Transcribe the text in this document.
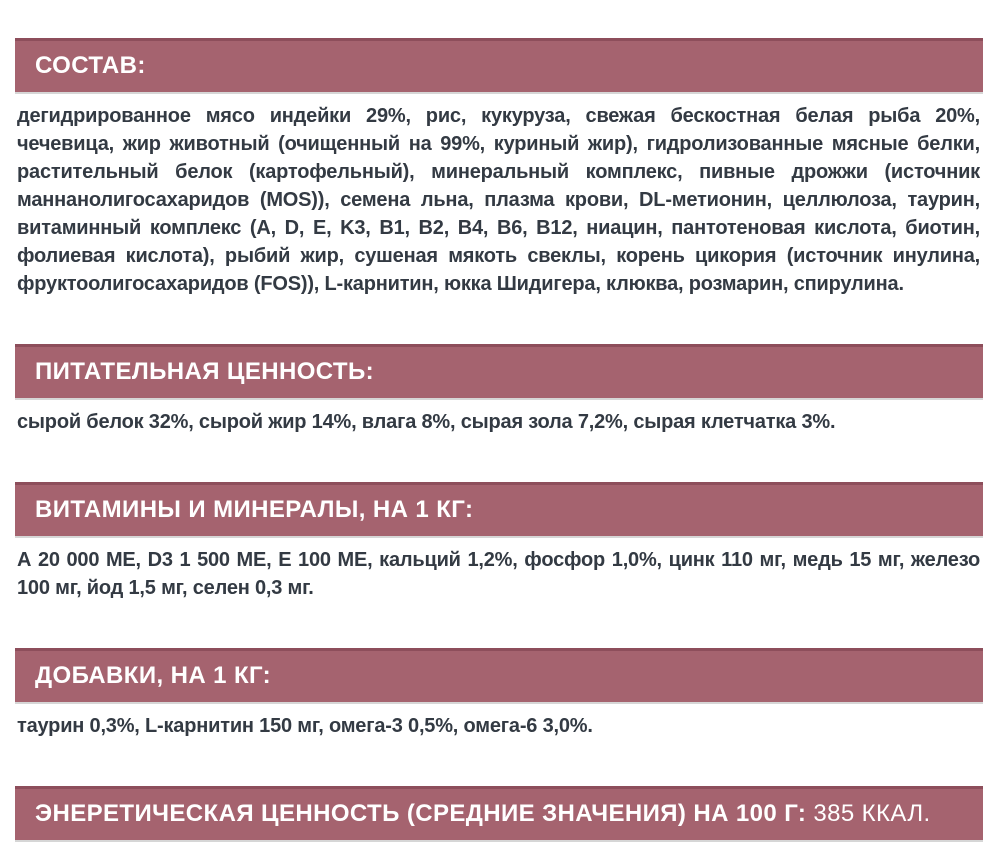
СОСТАВ:

дегидрированное мясо индейки 29%, рис, кукуруза, свежая бескостная белая рыба 20%, чечевица, жир животный (очищенный на 99%, куриный жир), гидролизованные мясные белки, растительный белок (картофельный), минеральный комплекс, пивные дрожжи (источник маннанолигосахаридов (MOS)), семена льна, плазма крови, DL-метионин, целлюлоза, таурин, витаминный комплекс (A, D, E, K3, B1, B2, B4, B6, B12, ниацин, пантотеновая кислота, биотин, фолиевая кислота), рыбий жир, сушеная мякоть свеклы, корень цикория (источник инулина, фруктоолигосахаридов (FOS)), L-карнитин, юкка Шидигера, клюква, розмарин, спирулина.

ПИТАТЕЛЬНАЯ ЦЕННОСТЬ:

сырой белок 32%, сырой жир 14%, влага 8%, сырая зола 7,2%, сырая клетчатка 3%.

ВИТАМИНЫ И МИНЕРАЛЫ, НА 1 КГ:

А 20 000 МЕ, D3 1 500 МЕ, Е 100 МЕ, кальций 1,2%, фосфор 1,0%, цинк 110 мг, медь 15 мг, железо 100 мг, йод 1,5 мг, селен 0,3 мг.

ДОБАВКИ, НА 1 КГ:

таурин 0,3%, L-карнитин 150 мг, омега-3 0,5%, омега-6 3,0%.

ЭНЕРЕТИЧЕСКАЯ ЦЕННОСТЬ (СРЕДНИЕ ЗНАЧЕНИЯ) НА 100 Г: 385 ККАЛ.
